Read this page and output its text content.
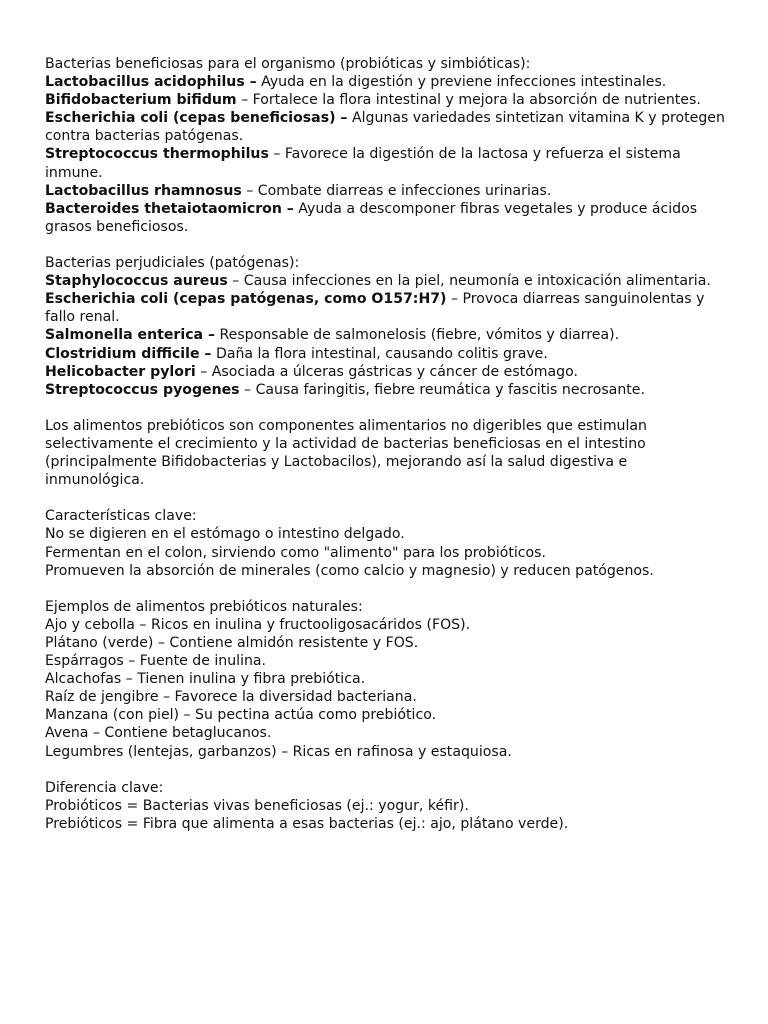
Bacterias beneficiosas para el organismo (probióticas y simbióticas):

Lactobacillus acidophilus – Ayuda en la digestión y previene infecciones intestinales.

Bifidobacterium bifidum – Fortalece la flora intestinal y mejora la absorción de nutrientes.

Escherichia coli (cepas beneficiosas) – Algunas variedades sintetizan vitamina K y protegen contra bacterias patógenas.

Streptococcus thermophilus – Favorece la digestión de la lactosa y refuerza el sistema inmune.

Lactobacillus rhamnosus – Combate diarreas e infecciones urinarias.

Bacteroides thetaiotaomicron – Ayuda a descomponer fibras vegetales y produce ácidos grasos beneficiosos.

Bacterias perjudiciales (patógenas):

Staphylococcus aureus – Causa infecciones en la piel, neumonía e intoxicación alimentaria.

Escherichia coli (cepas patógenas, como O157:H7) – Provoca diarreas sanguinolentas y fallo renal.

Salmonella enterica – Responsable de salmonelosis (fiebre, vómitos y diarrea).

Clostridium difficile – Daña la flora intestinal, causando colitis grave.

Helicobacter pylori – Asociada a úlceras gástricas y cáncer de estómago.

Streptococcus pyogenes – Causa faringitis, fiebre reumática y fascitis necrosante.

Los alimentos prebióticos son componentes alimentarios no digeribles que estimulan selectivamente el crecimiento y la actividad de bacterias beneficiosas en el intestino (principalmente Bifidobacterias y Lactobacilos), mejorando así la salud digestiva e inmunológica.

Características clave:

No se digieren en el estómago o intestino delgado.

Fermentan en el colon, sirviendo como "alimento" para los probióticos.

Promueven la absorción de minerales (como calcio y magnesio) y reducen patógenos.

Ejemplos de alimentos prebióticos naturales:

Ajo y cebolla – Ricos en inulina y fructooligosacáridos (FOS).

Plátano (verde) – Contiene almidón resistente y FOS.

Espárragos – Fuente de inulina.

Alcachofas – Tienen inulina y fibra prebiótica.

Raíz de jengibre – Favorece la diversidad bacteriana.

Manzana (con piel) – Su pectina actúa como prebiótico.

Avena – Contiene betaglucanos.

Legumbres (lentejas, garbanzos) – Ricas en rafinosa y estaquiosa.

Diferencia clave:

Probióticos = Bacterias vivas beneficiosas (ej.: yogur, kéfir).

Prebióticos = Fibra que alimenta a esas bacterias (ej.: ajo, plátano verde).
